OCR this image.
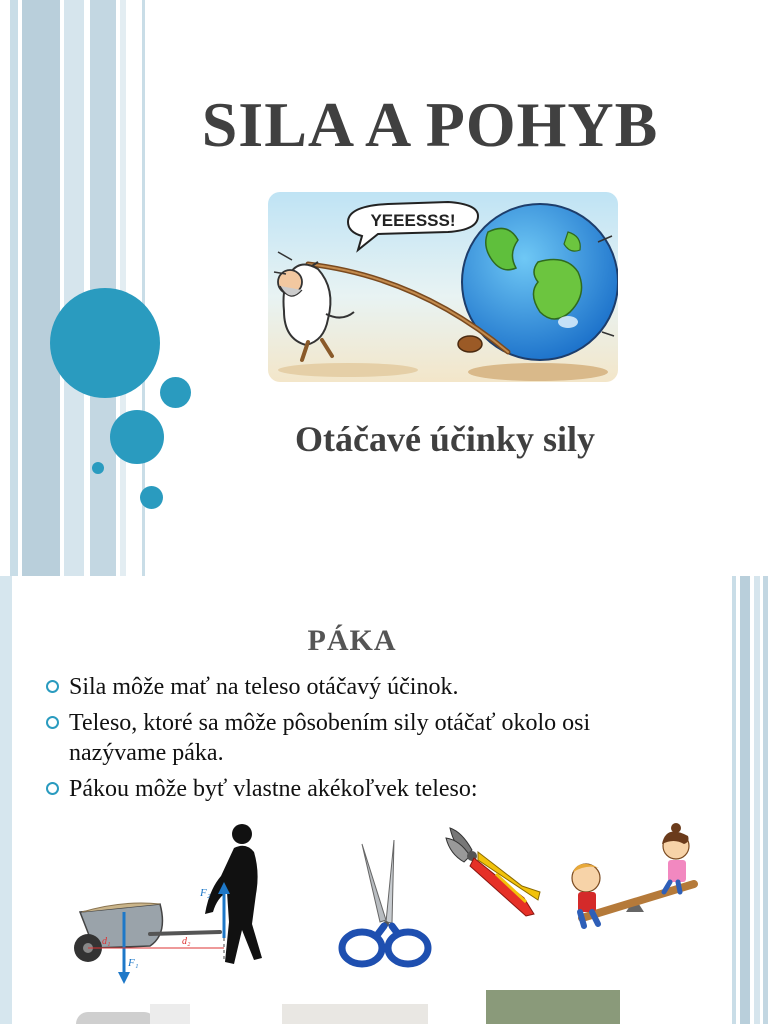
SILA A POHYB
YEEESSS!
Otáčavé účinky sily
PÁKA
Sila môže mať na teleso otáčavý účinok.
Teleso, ktoré sa môže pôsobením sily otáčať okolo osi nazývame páka.
Pákou môže byť vlastne akékoľvek teleso:
F₁
F₂
d₁	d₂
